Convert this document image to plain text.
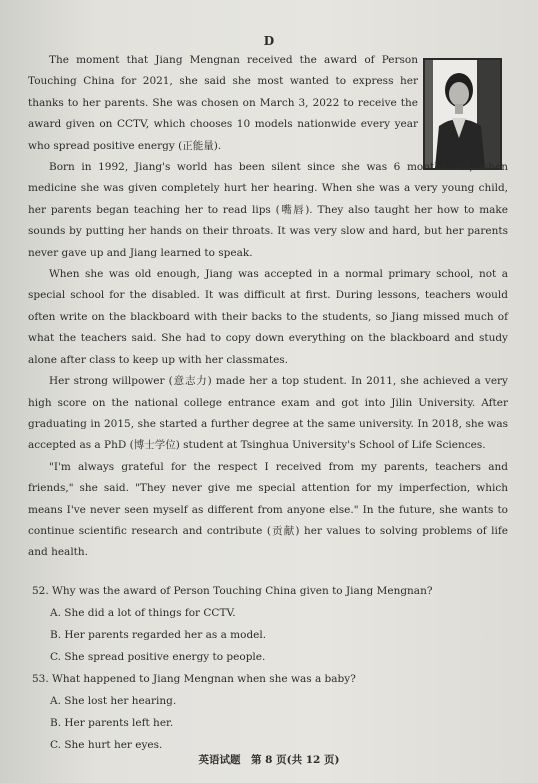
D

The moment that Jiang Mengnan received the award of Person Touching China for 2021, she said she most wanted to express her thanks to her parents. She was chosen on March 3, 2022 to receive the award given on CCTV, which chooses 10 models nationwide every year who spread positive energy (正能量).

Born in 1992, Jiang's world has been silent since she was 6 months old, when medicine she was given completely hurt her hearing. When she was a very young child, her parents began teaching her to read lips (嘴唇). They also taught her how to make sounds by putting her hands on their throats. It was very slow and hard, but her parents never gave up and Jiang learned to speak.

When she was old enough, Jiang was accepted in a normal primary school, not a special school for the disabled. It was difficult at first. During lessons, teachers would often write on the blackboard with their backs to the students, so Jiang missed much of what the teachers said. She had to copy down everything on the blackboard and study alone after class to keep up with her classmates.

Her strong willpower (意志力) made her a top student. In 2011, she achieved a very high score on the national college entrance exam and got into Jilin University. After graduating in 2015, she started a further degree at the same university. In 2018, she was accepted as a PhD (博士学位) student at Tsinghua University's School of Life Sciences.

"I'm always grateful for the respect I received from my parents, teachers and friends," she said. "They never give me special attention for my imperfection, which means I've never seen myself as different from anyone else." In the future, she wants to continue scientific research and contribute (贡献) her values to solving problems of life and health.

52. Why was the award of Person Touching China given to Jiang Mengnan?

A. She did a lot of things for CCTV.

B. Her parents regarded her as a model.

C. She spread positive energy to people.

53. What happened to Jiang Mengnan when she was a baby?

A. She lost her hearing.

B. Her parents left her.

C. She hurt her eyes.

英语试题　第 8 页(共 12 页)
